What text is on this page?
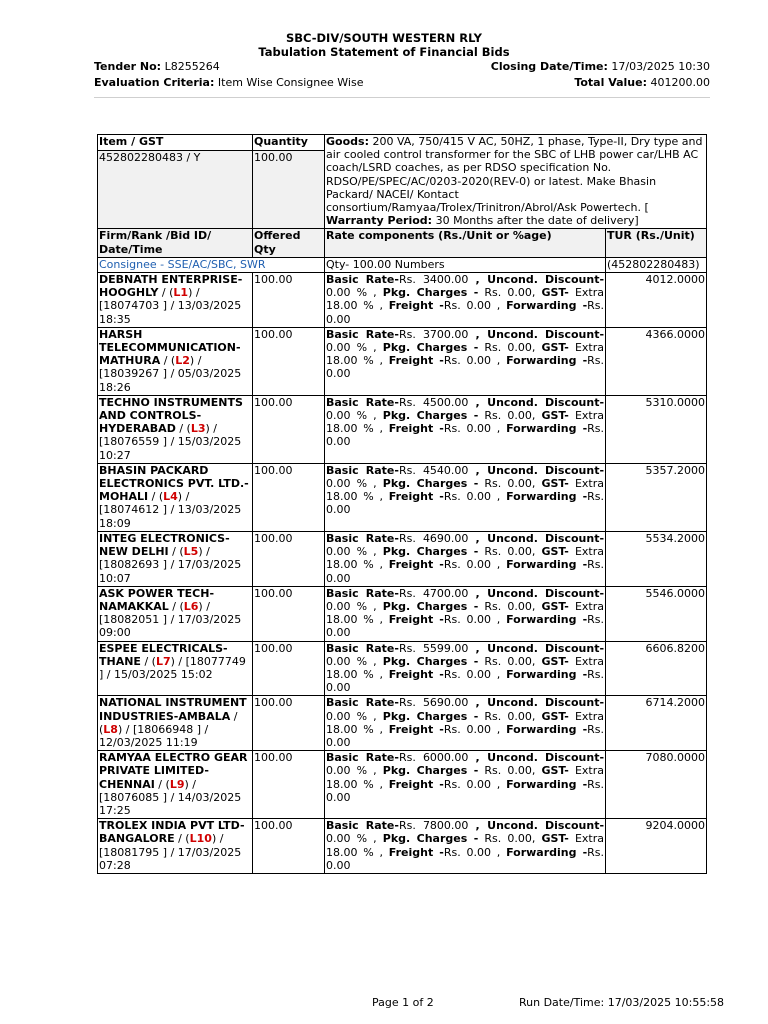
SBC-DIV/SOUTH WESTERN RLY
Tabulation Statement of Financial Bids
Tender No: L8255264	Closing Date/Time: 17/03/2025 10:30
Evaluation Criteria: Item Wise Consignee Wise	Total Value: 401200.00
Item / GST	Quantity	Goods: 200 VA, 750/415 V AC, 50HZ, 1 phase, Type-II, Dry type and air cooled control transformer for the SBC of LHB power car/LHB AC coach/LSRD coaches, as per RDSO specification No. RDSO/PE/SPEC/AC/0203-2020(REV-0) or latest. Make Bhasin Packard/ NACEI/ Kontact consortium/Ramyaa/Trolex/Trinitron/Abrol/Ask Powertech. [ Warranty Period: 30 Months after the date of delivery]	
452802280483 / Y	100.00		
Firm/Rank /Bid ID/ Date/Time	Offered Qty	Rate components (Rs./Unit or %age)	TUR (Rs./Unit)
Consignee - SSE/AC/SBC, SWR		Qty- 100.00 Numbers	(452802280483)
DEBNATH ENTERPRISE-HOOGHLY / (L1) / [18074703 ] / 13/03/2025 18:35	100.00	Basic Rate-Rs. 3400.00 , Uncond. Discount- 0.00 % , Pkg. Charges - Rs. 0.00, GST- Extra 18.00 % , Freight -Rs. 0.00 , Forwarding -Rs. 0.00	4012.0000
HARSH TELECOMMUNICATION-MATHURA / (L2) / [18039267 ] / 05/03/2025 18:26	100.00	Basic Rate-Rs. 3700.00 , Uncond. Discount- 0.00 % , Pkg. Charges - Rs. 0.00, GST- Extra 18.00 % , Freight -Rs. 0.00 , Forwarding -Rs. 0.00	4366.0000
TECHNO INSTRUMENTS AND CONTROLS-HYDERABAD / (L3) / [18076559 ] / 15/03/2025 10:27	100.00	Basic Rate-Rs. 4500.00 , Uncond. Discount- 0.00 % , Pkg. Charges - Rs. 0.00, GST- Extra 18.00 % , Freight -Rs. 0.00 , Forwarding -Rs. 0.00	5310.0000
BHASIN PACKARD ELECTRONICS PVT. LTD.-MOHALI / (L4) / [18074612 ] / 13/03/2025 18:09	100.00	Basic Rate-Rs. 4540.00 , Uncond. Discount- 0.00 % , Pkg. Charges - Rs. 0.00, GST- Extra 18.00 % , Freight -Rs. 0.00 , Forwarding -Rs. 0.00	5357.2000
INTEG ELECTRONICS-NEW DELHI / (L5) / [18082693 ] / 17/03/2025 10:07	100.00	Basic Rate-Rs. 4690.00 , Uncond. Discount- 0.00 % , Pkg. Charges - Rs. 0.00, GST- Extra 18.00 % , Freight -Rs. 0.00 , Forwarding -Rs. 0.00	5534.2000
ASK POWER TECH-NAMAKKAL / (L6) / [18082051 ] / 17/03/2025 09:00	100.00	Basic Rate-Rs. 4700.00 , Uncond. Discount- 0.00 % , Pkg. Charges - Rs. 0.00, GST- Extra 18.00 % , Freight -Rs. 0.00 , Forwarding -Rs. 0.00	5546.0000
ESPEE ELECTRICALS-THANE / (L7) / [18077749 ] / 15/03/2025 15:02	100.00	Basic Rate-Rs. 5599.00 , Uncond. Discount- 0.00 % , Pkg. Charges - Rs. 0.00, GST- Extra 18.00 % , Freight -Rs. 0.00 , Forwarding -Rs. 0.00	6606.8200
NATIONAL INSTRUMENT INDUSTRIES-AMBALA / (L8) / [18066948 ] / 12/03/2025 11:19	100.00	Basic Rate-Rs. 5690.00 , Uncond. Discount- 0.00 % , Pkg. Charges - Rs. 0.00, GST- Extra 18.00 % , Freight -Rs. 0.00 , Forwarding -Rs. 0.00	6714.2000
RAMYAA ELECTRO GEAR PRIVATE LIMITED-CHENNAI / (L9) / [18076085 ] / 14/03/2025 17:25	100.00	Basic Rate-Rs. 6000.00 , Uncond. Discount- 0.00 % , Pkg. Charges - Rs. 0.00, GST- Extra 18.00 % , Freight -Rs. 0.00 , Forwarding -Rs. 0.00	7080.0000
TROLEX INDIA PVT LTD-BANGALORE / (L10) / [18081795 ] / 17/03/2025 07:28	100.00	Basic Rate-Rs. 7800.00 , Uncond. Discount- 0.00 % , Pkg. Charges - Rs. 0.00, GST- Extra 18.00 % , Freight -Rs. 0.00 , Forwarding -Rs. 0.00	9204.0000
Page 1 of 2	Run Date/Time: 17/03/2025 10:55:58
